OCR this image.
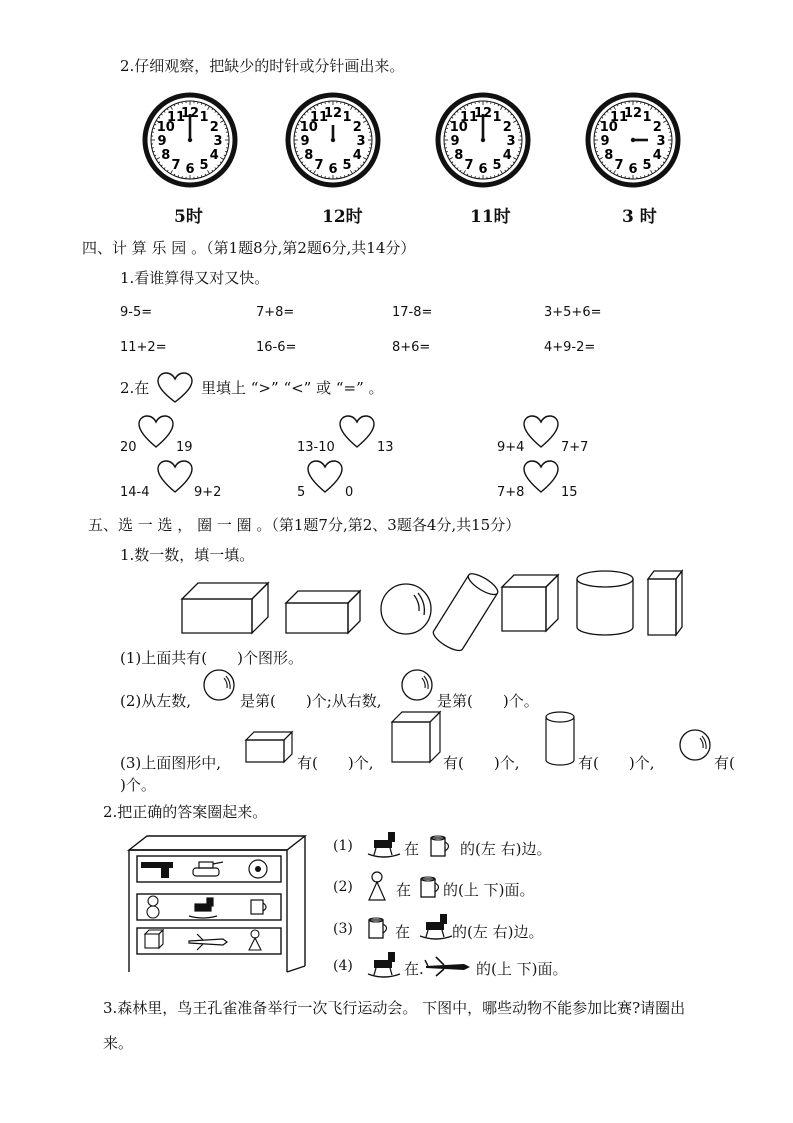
2.仔细观察，把缺少的时针或分针画出来。
12 1
2
3
4
5
6
7
8
9
10
11	12 1
2
3
4
5
6
7
8
9
10
11	12 1
2
3
4
5
6
7
8
9
10
11	12 1
2
3
4
5
6
7
8
9
10
11
5时	12时	11时	3 时
四、计 算 乐 园 。（第1题8分,第2题6分,共14分）
1.看谁算得又对又快。
9-5=	7+8=	17-8=	3+5+6=
11+2=	16-6=	8+6=	4+9-2=
2.在	里填上 “>” “<” 或 “=” 。
20	19	13-10	13	9+4	7+7
14-4	9+2	5	0	7+8	15
五、选 一 选 ， 圈 一 圈 。（第1题7分,第2、3题各4分,共15分）
1.数一数，填一填。
(1)上面共有(　　)个图形。
(2)从左数,	是第(　　)个;从右数,	是第(　　)个。
(3)上面图形中,	有(　　)个,	有(　　)个,	有(　　)个,	有(
)个。
2.把正确的答案圈起来。
(1)	在	的(左 右)边。
(2)	在 的(上 下)面。
(3)	在	的(左 右)边。
(4)	在.	的(上 下)面。
3.森林里，鸟王孔雀准备举行一次飞行运动会。 下图中，哪些动物不能参加比赛?请圈出
来。
